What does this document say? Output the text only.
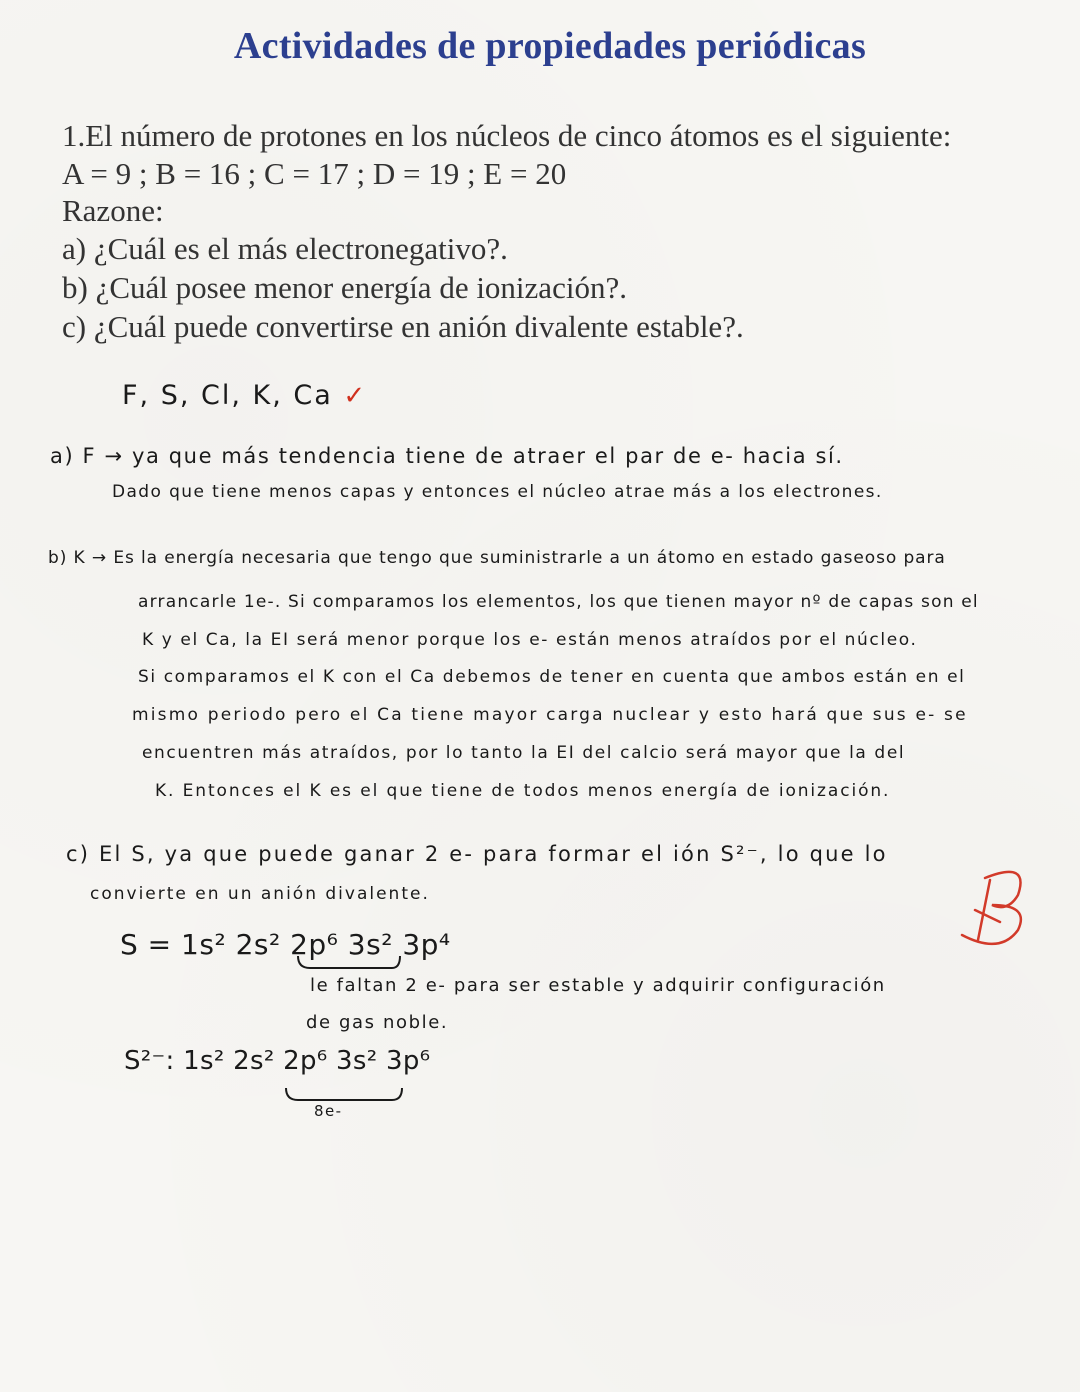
Actividades de propiedades periódicas
1.El número de protones en los núcleos de cinco átomos es el siguiente:
A = 9 ; B = 16 ; C = 17 ; D = 19 ; E = 20
Razone:
a) ¿Cuál es el más electronegativo?.
b) ¿Cuál posee menor energía de ionización?.
c) ¿Cuál puede convertirse en anión divalente estable?.
F, S, Cl, K, Ca ✓
a) F → ya que más tendencia tiene de atraer el par de e- hacia sí.
Dado que tiene menos capas y entonces el núcleo atrae más a los electrones.
b) K → Es la energía necesaria que tengo que suministrarle a un átomo en estado gaseoso para
arrancarle 1e-. Si comparamos los elementos, los que tienen mayor nº de capas son el
K y el Ca, la EI será menor porque los e- están menos atraídos por el núcleo.
Si comparamos el K con el Ca debemos de tener en cuenta que ambos están en el
mismo periodo pero el Ca tiene mayor carga nuclear y esto hará que sus e- se
encuentren más atraídos, por lo tanto la EI del calcio será mayor que la del
K. Entonces el K es el que tiene de todos menos energía de ionización.
c) El S, ya que puede ganar 2 e- para formar el ión S²⁻, lo que lo
convierte en un anión divalente.
S = 1s² 2s² 2p⁶ 3s² 3p⁴
le faltan 2 e- para ser estable y adquirir configuración
de gas noble.
S²⁻: 1s² 2s² 2p⁶ 3s² 3p⁶
8e-
